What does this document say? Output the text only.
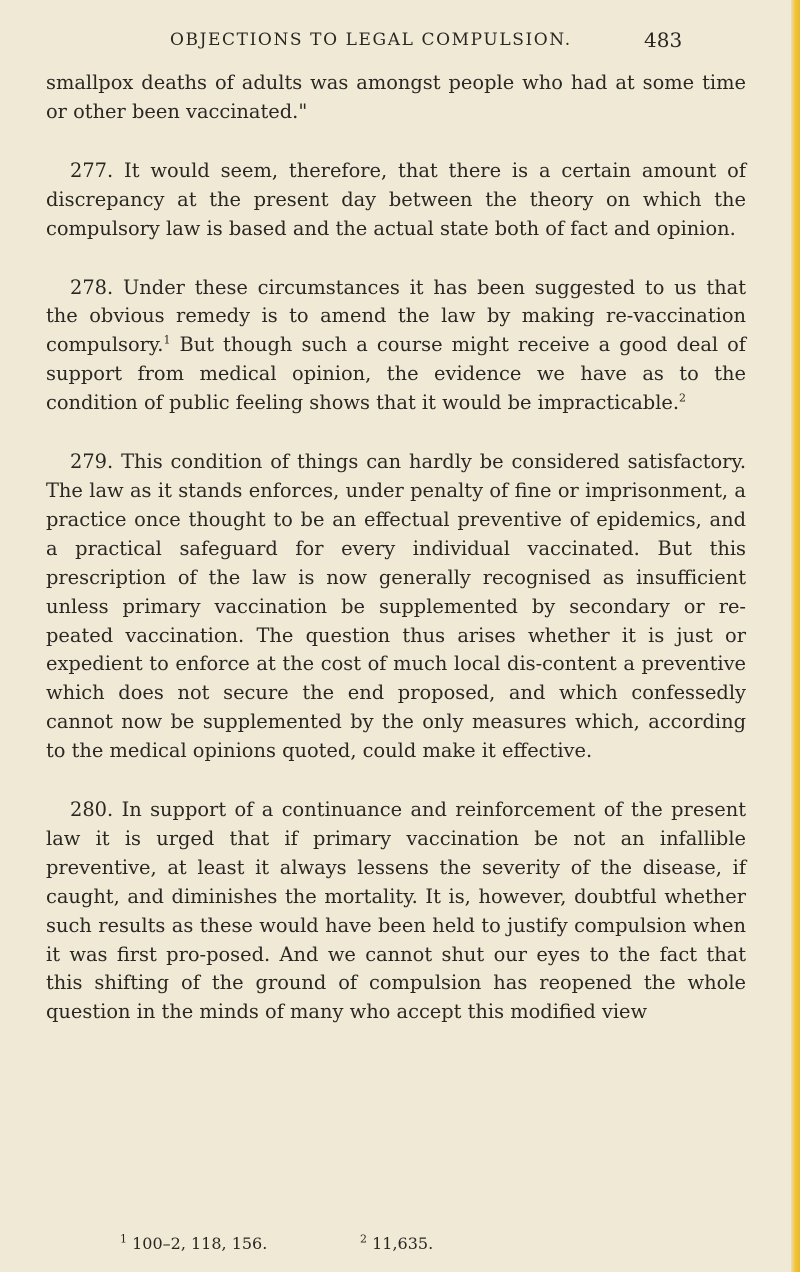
OBJECTIONS TO LEGAL COMPULSION.	483

smallpox deaths of adults was amongst people who had at some time or other been vaccinated."

277. It would seem, therefore, that there is a certain amount of discrepancy at the present day between the theory on which the compulsory law is based and the actual state both of fact and opinion.

278. Under these circumstances it has been suggested to us that the obvious remedy is to amend the law by making re-vaccination compulsory.$^1$ But though such a course might receive a good deal of support from medical opinion, the evidence we have as to the condition of public feeling shows that it would be impracticable.$^2$

279. This condition of things can hardly be considered satisfactory. The law as it stands enforces, under penalty of fine or imprisonment, a practice once thought to be an effectual preventive of epidemics, and a practical safeguard for every individual vaccinated. But this prescription of the law is now generally recognised as insufficient unless primary vaccination be supplemented by secondary or re-peated vaccination. The question thus arises whether it is just or expedient to enforce at the cost of much local dis-content a preventive which does not secure the end proposed, and which confessedly cannot now be supplemented by the only measures which, according to the medical opinions quoted, could make it effective.

280. In support of a continuance and reinforcement of the present law it is urged that if primary vaccination be not an infallible preventive, at least it always lessens the severity of the disease, if caught, and diminishes the mortality. It is, however, doubtful whether such results as these would have been held to justify compulsion when it was first pro-posed. And we cannot shut our eyes to the fact that this shifting of the ground of compulsion has reopened the whole question in the minds of many who accept this modified view

$^1$ 100–2, 118, 156.	$^2$ 11,635.
